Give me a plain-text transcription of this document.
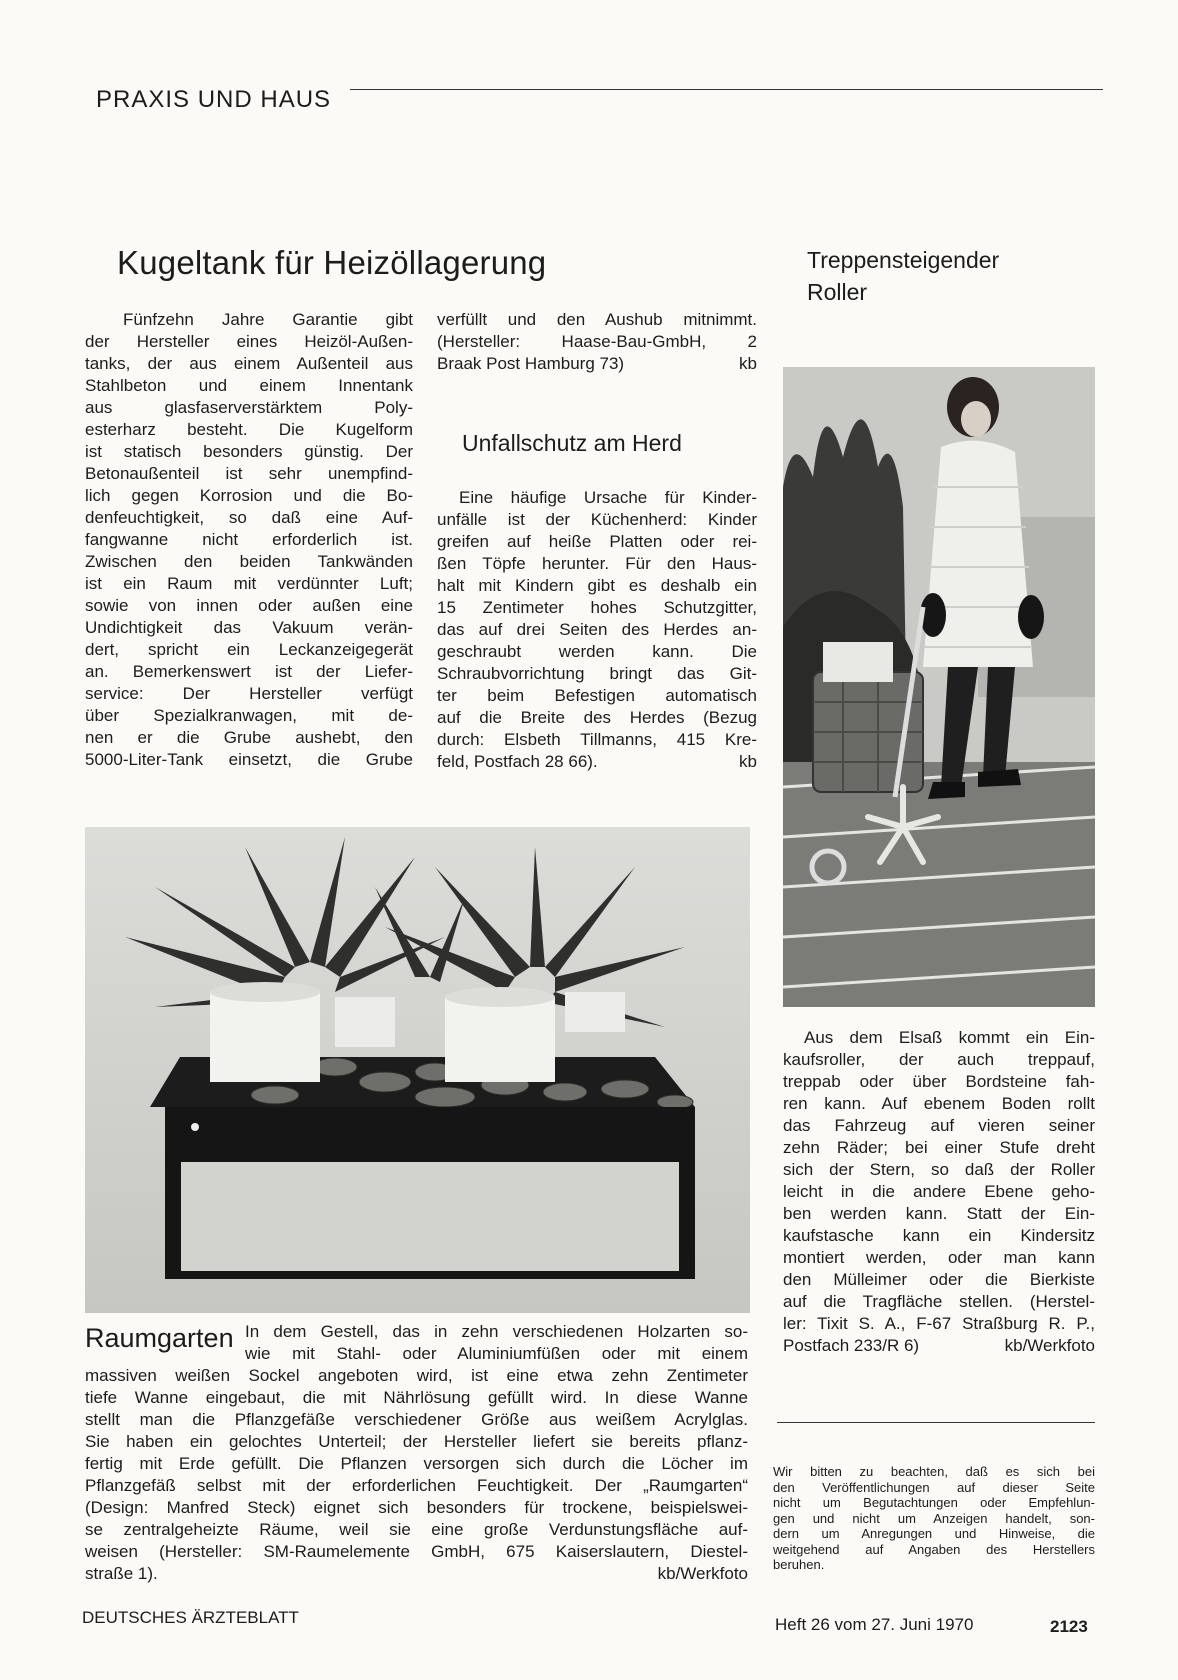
PRAXIS UND HAUS
Kugeltank für Heizöllagerung

Fünfzehn Jahre Garantie gibt

der Hersteller eines Heizöl-Außen-

tanks, der aus einem Außenteil aus

Stahlbeton und einem Innentank

aus glasfaserverstärktem Poly-

esterharz besteht. Die Kugelform

ist statisch besonders günstig. Der

Betonaußenteil ist sehr unempfind-

lich gegen Korrosion und die Bo-

denfeuchtigkeit, so daß eine Auf-

fangwanne nicht erforderlich ist.

Zwischen den beiden Tankwänden

ist ein Raum mit verdünnter Luft;

sowie von innen oder außen eine

Undichtigkeit das Vakuum verän-

dert, spricht ein Leckanzeigegerät

an. Bemerkenswert ist der Liefer-

service: Der Hersteller verfügt

über Spezialkranwagen, mit de-

nen er die Grube aushebt, den

5000-Liter-Tank einsetzt, die Grube

verfüllt und den Aushub mitnimmt.

(Hersteller: Haase-Bau-GmbH, 2

Braak Post Hamburg 73)	kb
Unfallschutz am Herd

Eine häufige Ursache für Kinder-

unfälle ist der Küchenherd: Kinder

greifen auf heiße Platten oder rei-

ßen Töpfe herunter. Für den Haus-

halt mit Kindern gibt es deshalb ein

15 Zentimeter hohes Schutzgitter,

das auf drei Seiten des Herdes an-

geschraubt werden kann. Die

Schraubvorrichtung bringt das Git-

ter beim Befestigen automatisch

auf die Breite des Herdes (Bezug

durch: Elsbeth Tillmanns, 415 Kre-

feld, Postfach 28 66).	kb
Treppensteigender
Roller

Aus dem Elsaß kommt ein Ein-

kaufsroller, der auch treppauf,

treppab oder über Bordsteine fah-

ren kann. Auf ebenem Boden rollt

das Fahrzeug auf vieren seiner

zehn Räder; bei einer Stufe dreht

sich der Stern, so daß der Roller

leicht in die andere Ebene geho-

ben werden kann. Statt der Ein-

kaufstasche kann ein Kindersitz

montiert werden, oder man kann

den Mülleimer oder die Bierkiste

auf die Tragfläche stellen. (Herstel-

ler: Tixit S. A., F-67 Straßburg R. P.,

Postfach 233/R 6)	kb/Werkfoto
Raumgarten In dem Gestell, das in zehn verschiedenen Holzarten so-

wie mit Stahl- oder Aluminiumfüßen oder mit einem

massiven weißen Sockel angeboten wird, ist eine etwa zehn Zentimeter

tiefe Wanne eingebaut, die mit Nährlösung gefüllt wird. In diese Wanne

stellt man die Pflanzgefäße verschiedener Größe aus weißem Acrylglas.

Sie haben ein gelochtes Unterteil; der Hersteller liefert sie bereits pflanz-

fertig mit Erde gefüllt. Die Pflanzen versorgen sich durch die Löcher im

Pflanzgefäß selbst mit der erforderlichen Feuchtigkeit. Der „Raumgarten“

(Design: Manfred Steck) eignet sich besonders für trockene, beispielswei-

se zentralgeheizte Räume, weil sie eine große Verdunstungsfläche auf-

weisen (Hersteller: SM-Raumelemente GmbH, 675 Kaiserslautern, Diestel-

straße 1).	kb/Werkfoto

Wir bitten zu beachten, daß es sich bei

den Veröffentlichungen auf dieser Seite

nicht um Begutachtungen oder Empfehlun-

gen und nicht um Anzeigen handelt, son-

dern um Anregungen und Hinweise, die

weitgehend auf Angaben des Herstellers

beruhen.

DEUTSCHES ÄRZTEBLATT	Heft 26 vom 27. Juni 1970	2123
